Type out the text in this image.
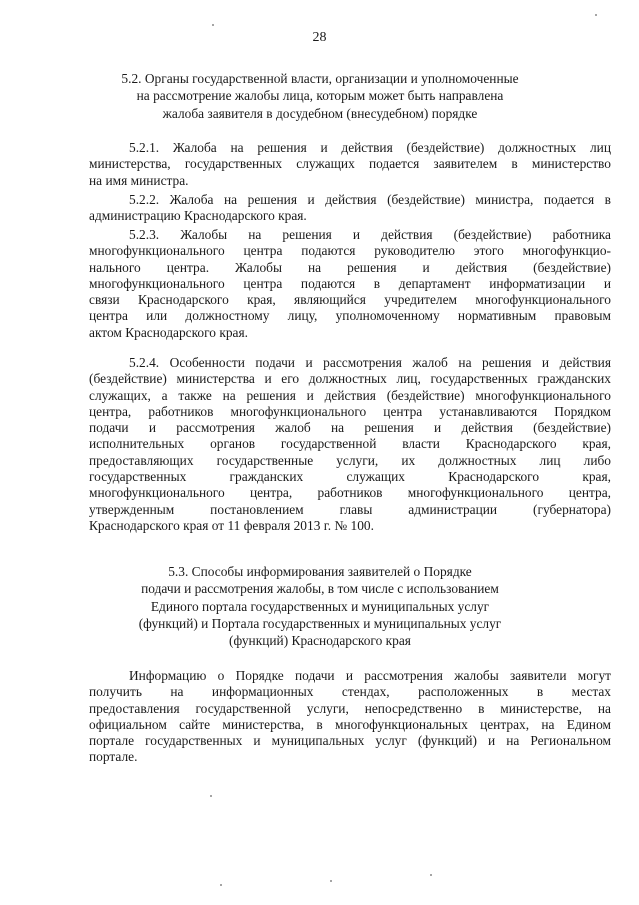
28
5.2. Органы государственной власти, организации и уполномоченные
на рассмотрение жалобы лица, которым может быть направлена
жалоба заявителя в досудебном (внесудебном) порядке
5.2.1. Жалоба на решения и действия (бездействие) должностных лиц
министерства, государственных служащих подается заявителем в министерство
на имя министра.
5.2.2. Жалоба на решения и действия (бездействие) министра, подается в
администрацию Краснодарского края.
5.2.3. Жалобы на решения и действия (бездействие) работника
многофункционального центра подаются руководителю этого многофункцио-
нального центра. Жалобы на решения и действия (бездействие)
многофункционального центра подаются в департамент информатизации и
связи Краснодарского края, являющийся учредителем многофункционального
центра или должностному лицу, уполномоченному нормативным правовым
актом Краснодарского края.
5.2.4. Особенности подачи и рассмотрения жалоб на решения и действия
(бездействие) министерства и его должностных лиц, государственных гражданских
служащих, а также на решения и действия (бездействие) многофункционального
центра, работников многофункционального центра устанавливаются Порядком
подачи и рассмотрения жалоб на решения и действия (бездействие)
исполнительных органов государственной власти Краснодарского края,
предоставляющих государственные услуги, их должностных лиц либо
государственных гражданских служащих Краснодарского края,
многофункционального центра, работников многофункционального центра,
утвержденным постановлением главы администрации (губернатора)
Краснодарского края от 11 февраля 2013 г. № 100.
5.3. Способы информирования заявителей о Порядке
подачи и рассмотрения жалобы, в том числе с использованием
Единого портала государственных и муниципальных услуг
(функций) и Портала государственных и муниципальных услуг
(функций) Краснодарского края
Информацию о Порядке подачи и рассмотрения жалобы заявители могут
получить на информационных стендах, расположенных в местах
предоставления государственной услуги, непосредственно в министерстве, на
официальном сайте министерства, в многофункциональных центрах, на Едином
портале государственных и муниципальных услуг (функций) и на Региональном
портале.
